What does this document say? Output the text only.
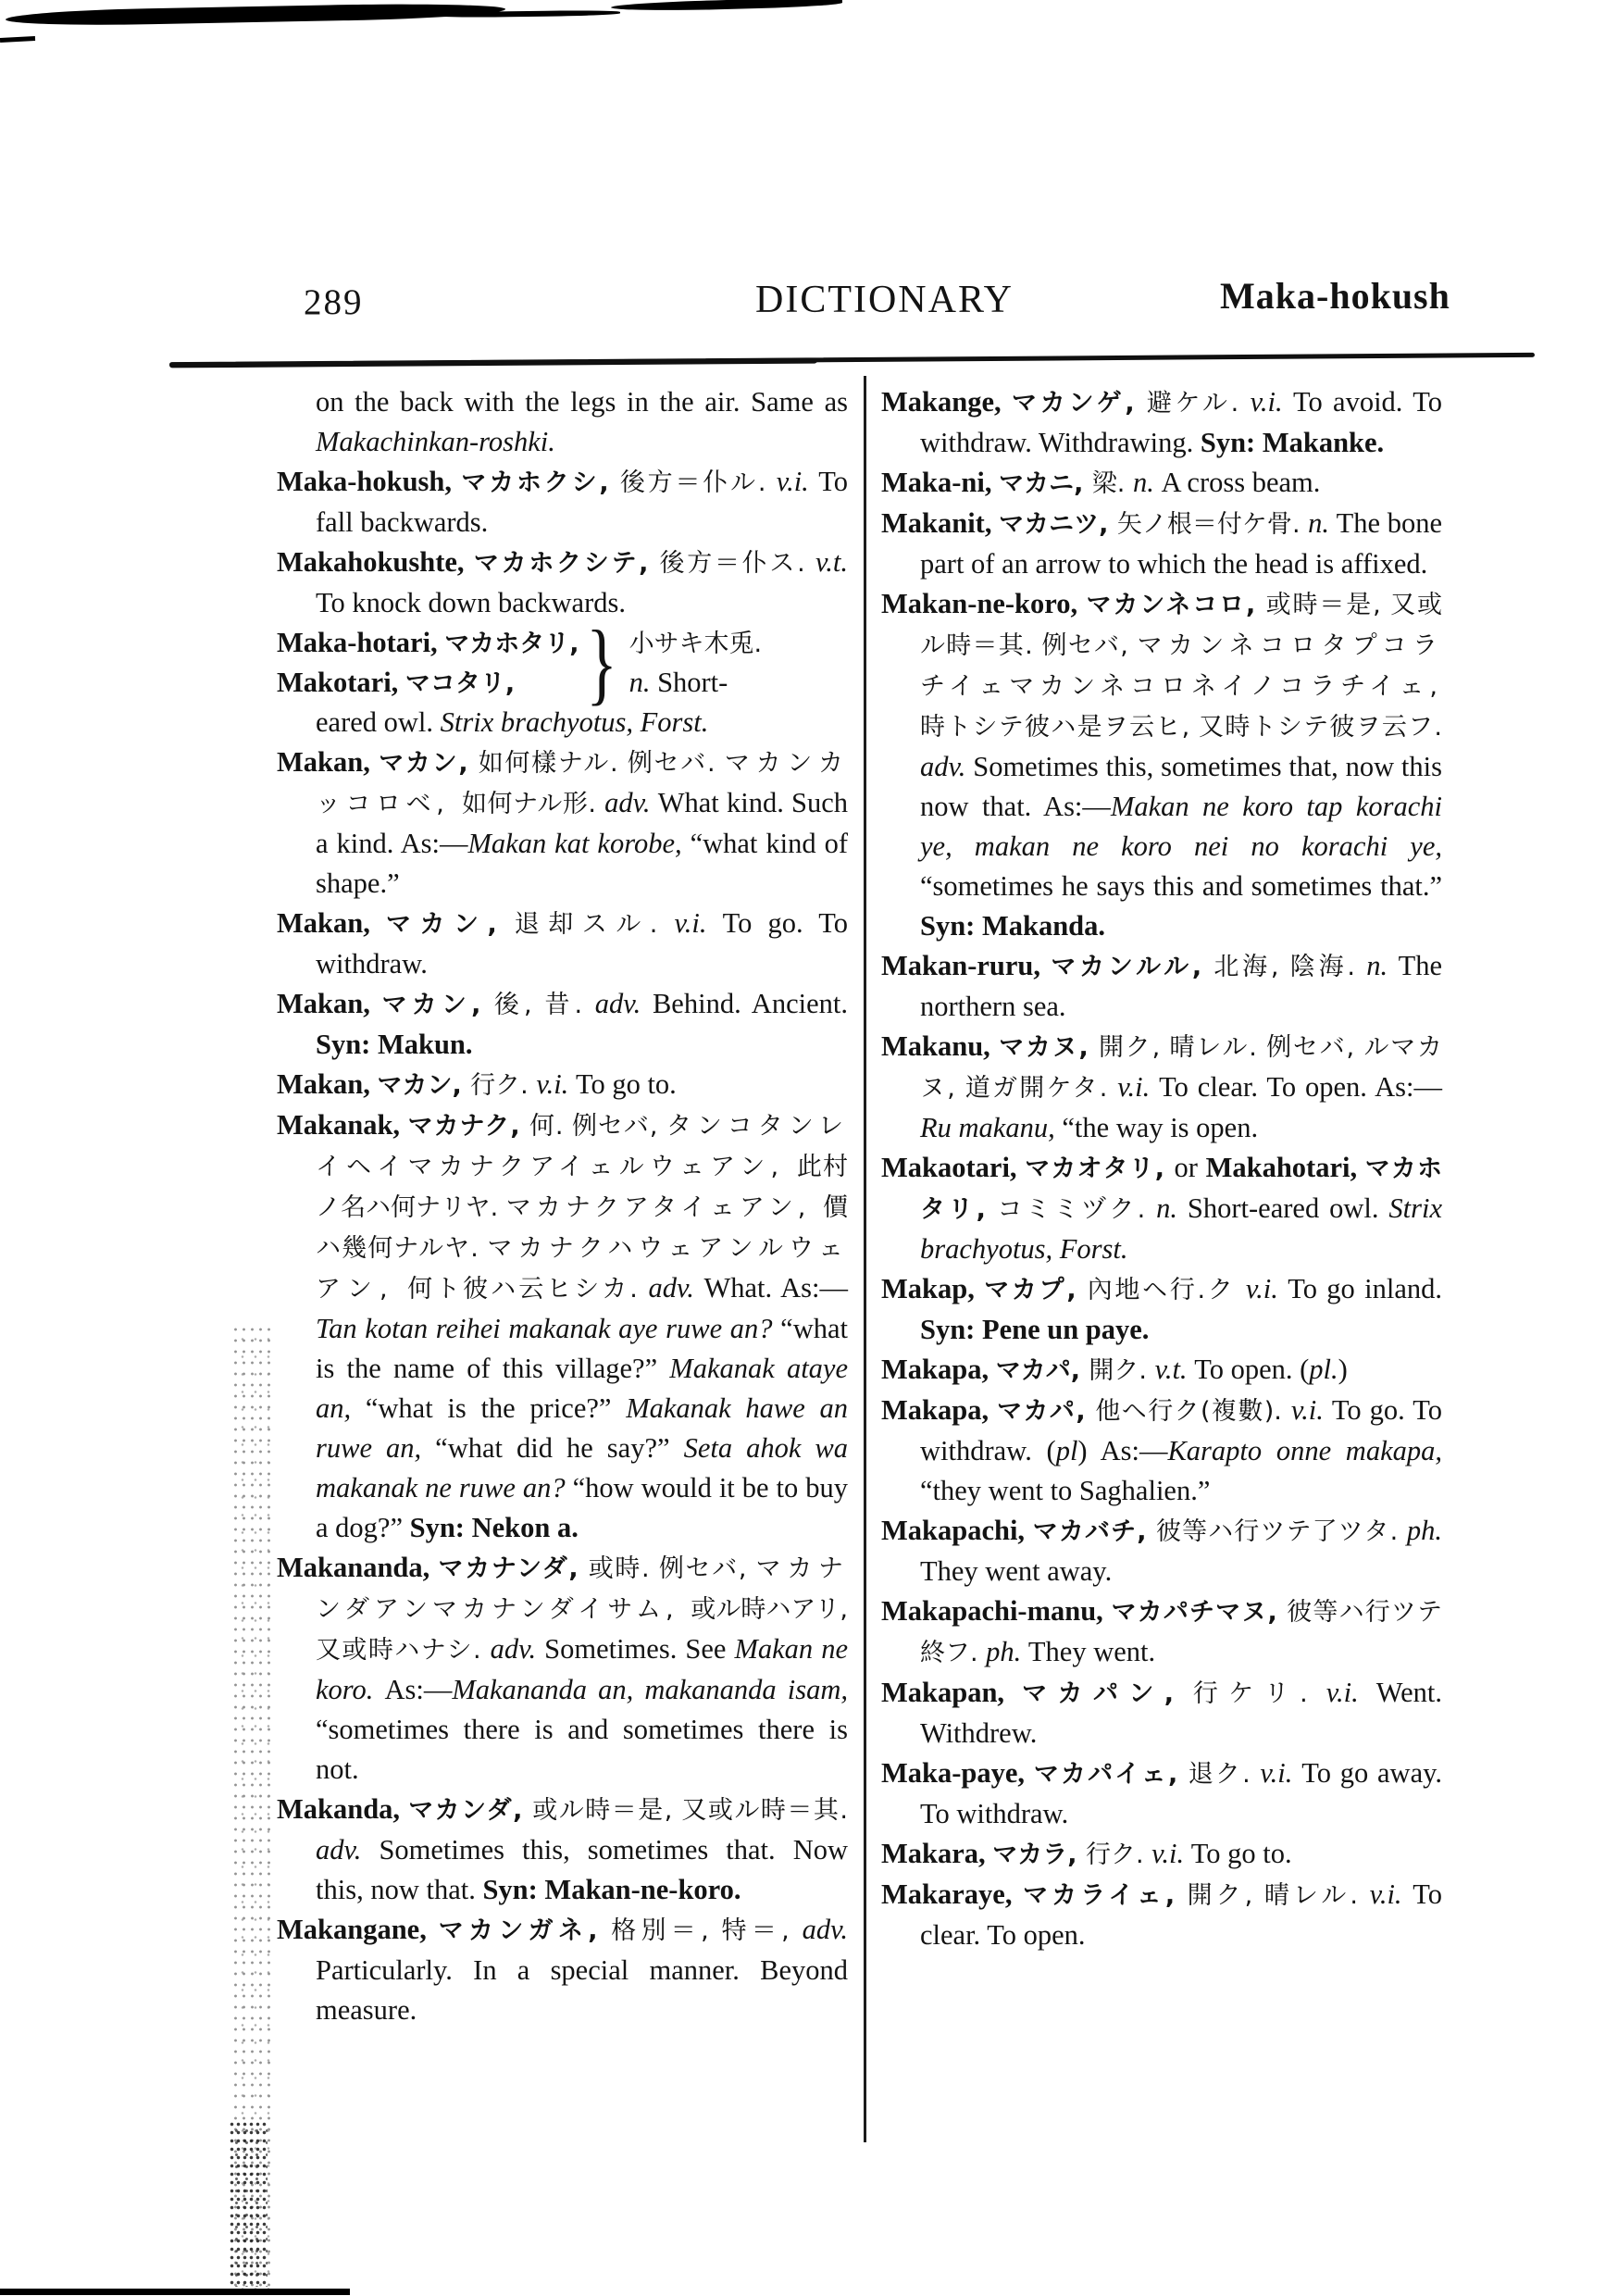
289	DICTIONARY	Maka-hokush

on the back with the legs in the air. Same as Makachinkan-roshki.

Maka-hokush, マカホクシ, 後方＝仆ル. v.i. To fall backwards.

Makahokushte, マカホクシテ, 後方＝仆ス. v.t. To knock down backwards.

Maka-hotari, マカホタリ,
Makotari, マコタリ, } 小サキ木兎.
n. Short-

eared owl. Strix brachyotus, Forst.

Makan, マカン, 如何樣ナル. 例セバ. マカンカッコロベ, 如何ナル形. adv. What kind. Such a kind. As:—Makan kat korobe, “what kind of shape.”

Makan, マカン, 退却スル. v.i. To go. To withdraw.

Makan, マカン, 後, 昔. adv. Behind. Ancient. Syn: Makun.

Makan, マカン, 行ク. v.i. To go to.

Makanak, マカナク, 何. 例セバ, タンコタンレイヘイマカナクアイェルウェアン, 此村ノ名ハ何ナリヤ. マカナクアタイェアン, 價ハ幾何ナルヤ. マカナクハウェアンルウェアン, 何ト彼ハ云ヒシカ. adv. What. As:—Tan kotan reihei makanak aye ruwe an? “what is the name of this village?” Makanak ataye an, “what is the price?” Makanak hawe an ruwe an, “what did he say?” Seta ahok wa makanak ne ruwe an? “how would it be to buy a dog?” Syn: Nekon a.

Makananda, マカナンダ, 或時. 例セバ, マカナンダアンマカナンダイサム, 或ル時ハアリ, 又或時ハナシ. adv. Sometimes. See Makan ne koro. As:—Makananda an, makananda isam, “sometimes there is and sometimes there is not.

Makanda, マカンダ, 或ル時＝是, 又或ル時＝其. adv. Sometimes this, sometimes that. Now this, now that. Syn: Makan-ne-koro.

Makangane, マカンガネ, 格別＝, 特＝, adv. Particularly. In a special manner. Beyond measure.

Makange, マカンゲ, 避ケル. v.i. To avoid. To withdraw. Withdrawing. Syn: Makanke.

Maka-ni, マカニ, 梁. n. A cross beam.

Makanit, マカニツ, 矢ノ根＝付ケ骨. n. The bone part of an arrow to which the head is affixed.

Makan-ne-koro, マカンネコロ, 或時＝是, 又或ル時＝其. 例セバ, マカンネコロタプコラチイェマカンネコロネイノコラチイェ, 時トシテ彼ハ是ヲ云ヒ, 又時トシテ彼ヲ云フ. adv. Sometimes this, sometimes that, now this now that. As:—Makan ne koro tap korachi ye, makan ne koro nei no korachi ye, “sometimes he says this and sometimes that.” Syn: Makanda.

Makan-ruru, マカンルル, 北海, 陰海. n. The northern sea.

Makanu, マカヌ, 開ク, 晴レル. 例セバ, ルマカヌ, 道ガ開ケタ. v.i. To clear. To open. As:—Ru makanu, “the way is open.

Makaotari, マカオタリ, or Makahotari, マカホタリ, コミミヅク. n. Short-eared owl. Strix brachyotus, Forst.

Makap, マカプ, 內地ヘ行.ク v.i. To go inland. Syn: Pene un paye.

Makapa, マカパ, 開ク. v.t. To open. (pl.)

Makapa, マカパ, 他ヘ行ク(複數). v.i. To go. To withdraw. (pl) As:—Karapto onne makapa, “they went to Saghalien.”

Makapachi, マカバチ, 彼等ハ行ツテ了ツタ. ph. They went away.

Makapachi-manu, マカパチマヌ, 彼等ハ行ツテ終フ. ph. They went.

Makapan, マカパン, 行ケリ. v.i. Went. Withdrew.

Maka-paye, マカパイェ, 退ク. v.i. To go away. To withdraw.

Makara, マカラ, 行ク. v.i. To go to.

Makaraye, マカライェ, 開ク, 晴レル. v.i. To clear. To open.
